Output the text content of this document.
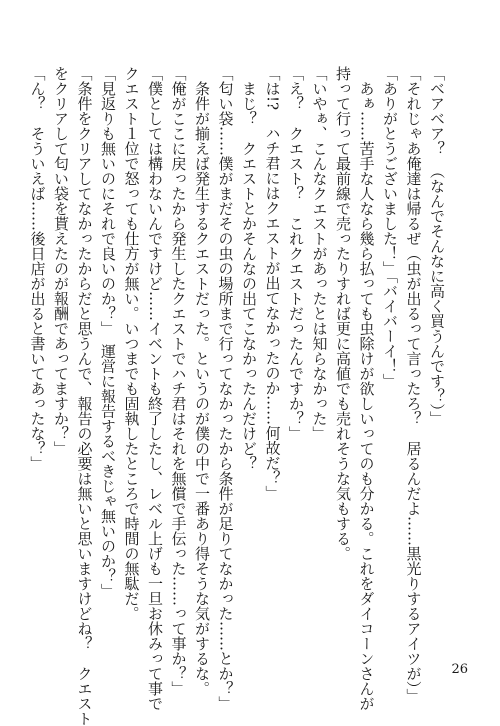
「ベアベア？　（なんでそんなに高く買うんです？）」

「それじゃあ俺達は帰るぜ（虫が出るって言ったろ？　居るんだよ……黒光りするアイツが）」

「ありがとうございました！」「バイバーイ！」

　あぁ……苦手な人なら幾ら払っても虫除けが欲しいってのも分かる。これをダイコーンさんが

持って行って最前線で売ったりすれば更に高値でも売れそうな気もする。

「いやぁ、こんなクエストがあったとは知らなかった」

「え？　クエスト？　これクエストだったんですか？」

「は!?　ハチ君にはクエストが出てなかったのか……何故だ？」

　まじ？　クエストとかそんなの出てこなかったんだけど？

「匂い袋……僕がまだその虫の場所まで行ってなかったから条件が足りてなかった……とか？」

　条件が揃えば発生するクエストだった。というのが僕の中で一番あり得そうな気がするな。

「俺がここに戻ったから発生したクエストでハチ君はそれを無償で手伝った……って事か？」

「僕としては構わないんですけど……イベントも終了したし、レベル上げも一旦お休みって事で

クエスト１位で怒っても仕方が無い。いつまでも固執したところで時間の無駄だ。

「見返りも無いのにそれで良いのか？」　運営に報告するべきじゃ無いのか？」

「条件をクリアしてなかったからだと思うんで、報告の必要は無いと思いますけどね？　クエスト

をクリアして匂い袋を貰えたのが報酬であってますか？」

「ん？　そういえば……後日店が出ると書いてあったな？」

26
